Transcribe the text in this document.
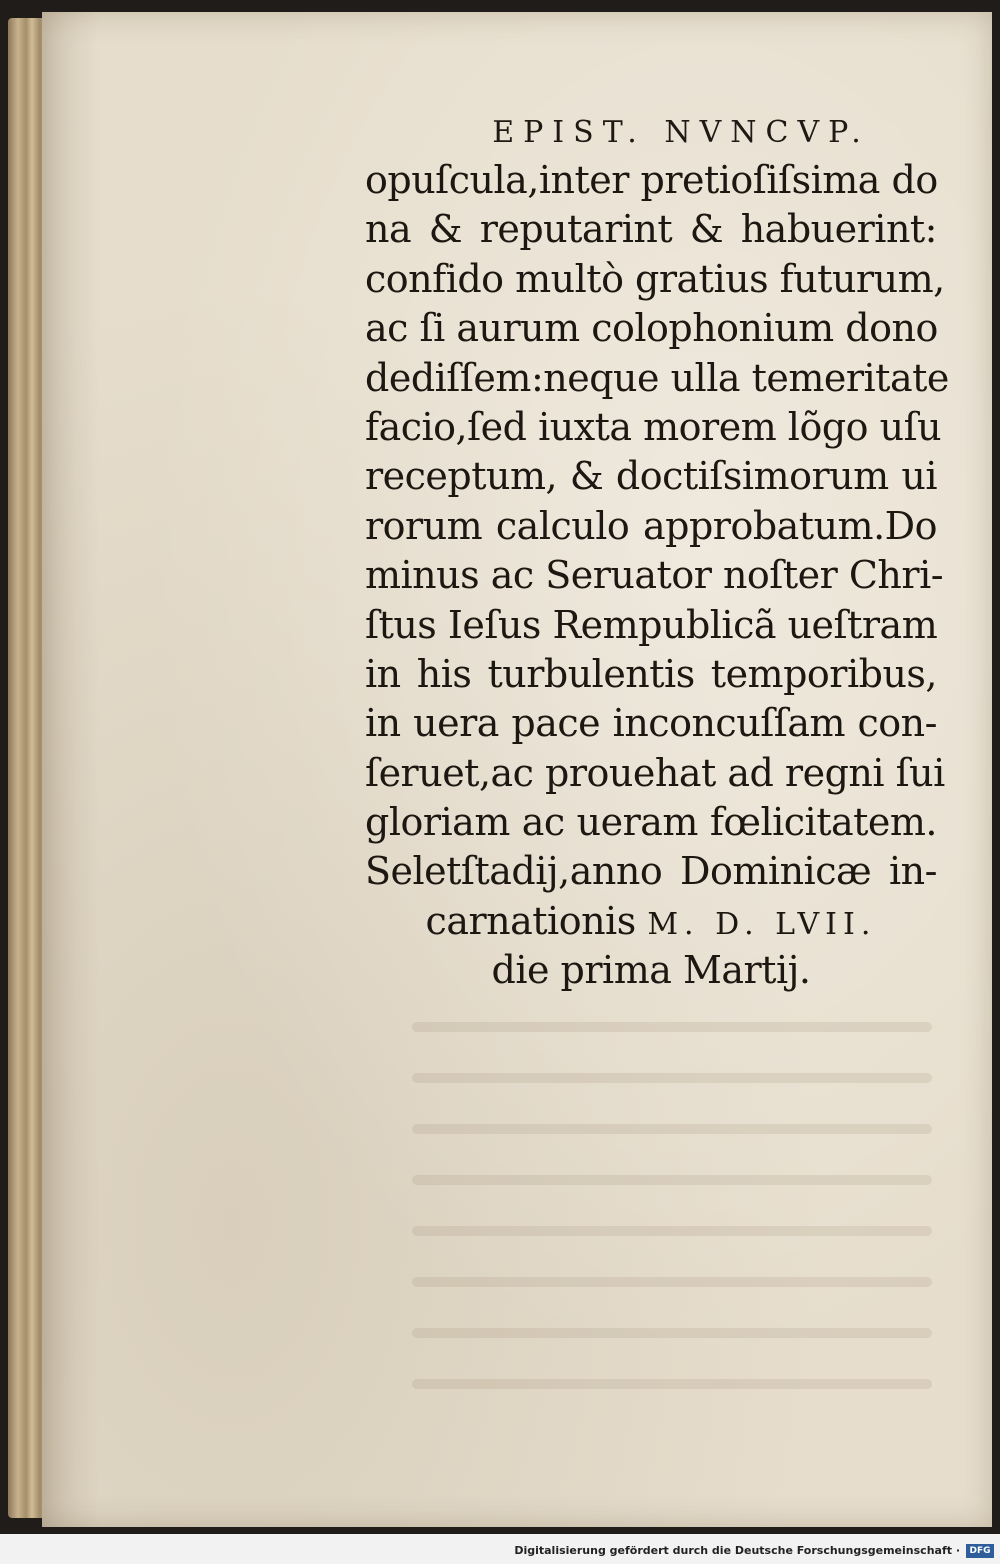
EPIST. NVNCVP.
opuſcula,inter pretioſiſsima do
na & reputarint & habuerint:
confido multò gratius futurum,
ac ſi aurum colophonium dono
dediſſem:neque ulla temeritate
facio,ſed iuxta morem lõgo uſu
receptum, & doctiſsimorum ui
rorum calculo approbatum.Do
minus ac Seruator noſter Chri-
ſtus Ieſus Rempublicã ueſtram
in his turbulentis temporibus,
in uera pace inconcuſſam con-
ſeruet,ac prouehat ad regni ſui
gloriam ac ueram fœlicitatem.
Seletſtadij,anno Dominicæ in-
carnationis M. D. LVII.
die prima Martij.
Digitalisierung gefördert durch die Deutsche Forschungsgemeinschaft ·	DFG
